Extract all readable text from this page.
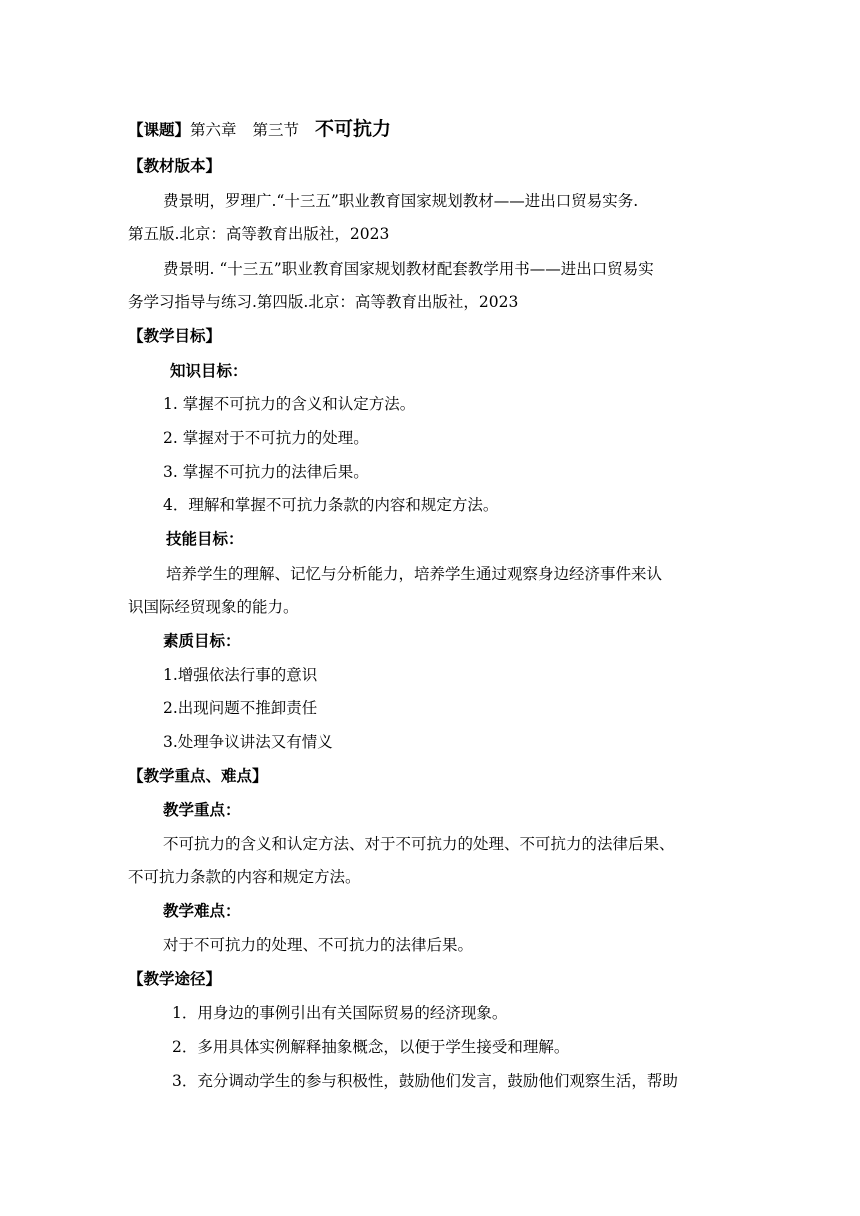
【课题】第六章 第三节 不可抗力
【教材版本】
费景明，罗理广.“十三五”职业教育国家规划教材——进出口贸易实务.
第五版.北京：高等教育出版社，2023
费景明. “十三五”职业教育国家规划教材配套教学用书——进出口贸易实
务学习指导与练习.第四版.北京：高等教育出版社，2023
【教学目标】
知识目标：
1. 掌握不可抗力的含义和认定方法。
2. 掌握对于不可抗力的处理。
3. 掌握不可抗力的法律后果。
4．理解和掌握不可抗力条款的内容和规定方法。
技能目标：
培养学生的理解、记忆与分析能力，培养学生通过观察身边经济事件来认
识国际经贸现象的能力。
素质目标：
1.增强依法行事的意识
2.出现问题不推卸责任
3.处理争议讲法又有情义
【教学重点、难点】
教学重点：
不可抗力的含义和认定方法、对于不可抗力的处理、不可抗力的法律后果、
不可抗力条款的内容和规定方法。
教学难点：
对于不可抗力的处理、不可抗力的法律后果。
【教学途径】
1．用身边的事例引出有关国际贸易的经济现象。
2．多用具体实例解释抽象概念，以便于学生接受和理解。
3．充分调动学生的参与积极性，鼓励他们发言，鼓励他们观察生活，帮助
